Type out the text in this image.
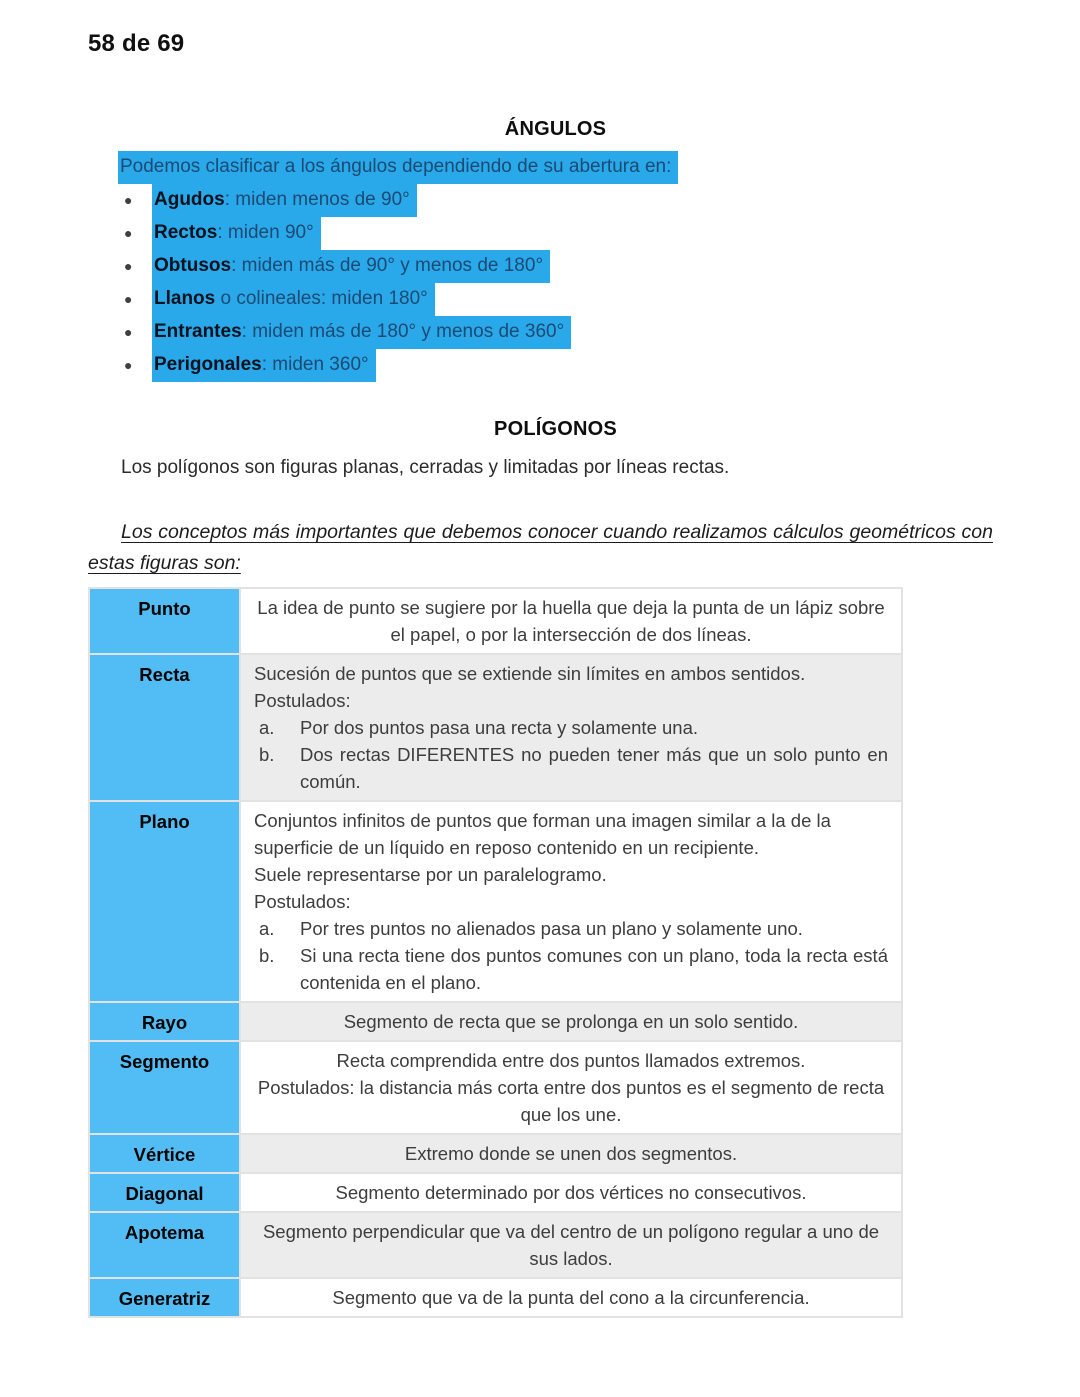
58 de 69
ÁNGULOS

Podemos clasificar a los ángulos dependiendo de su abertura en:

● Agudos: miden menos de 90°
● Rectos: miden 90°
● Obtusos: miden más de 90° y menos de 180°
● Llanos o colineales: miden 180°
● Entrantes: miden más de 180° y menos de 360°
● Perigonales: miden 360°
POLÍGONOS

Los polígonos son figuras planas, cerradas y limitadas por líneas rectas.

Los conceptos más importantes que debemos conocer cuando realizamos cálculos geométricos con estas figuras son:

Punto	La idea de punto se sugiere por la huella que deja la punta de un lápiz sobre el papel, o por la intersección de dos líneas.
Recta	Sucesión de puntos que se extiende sin límites en ambos sentidos.
Postulados:
a. Por dos puntos pasa una recta y solamente una.
b. Dos rectas DIFERENTES no pueden tener más que un solo punto en común.

Plano	Conjuntos infinitos de puntos que forman una imagen similar a la de la superficie de un líquido en reposo contenido en un recipiente.
Suele representarse por un paralelogramo.
Postulados:
a. Por tres puntos no alienados pasa un plano y solamente uno.
b. Si una recta tiene dos puntos comunes con un plano, toda la recta está contenida en el plano.

Rayo	Segmento de recta que se prolonga en un solo sentido.
Segmento	Recta comprendida entre dos puntos llamados extremos.
Postulados: la distancia más corta entre dos puntos es el segmento de recta que los une.

Vértice	Extremo donde se unen dos segmentos.
Diagonal	Segmento determinado por dos vértices no consecutivos.
Apotema	Segmento perpendicular que va del centro de un polígono regular a uno de sus lados.
Generatriz	Segmento que va de la punta del cono a la circunferencia.
